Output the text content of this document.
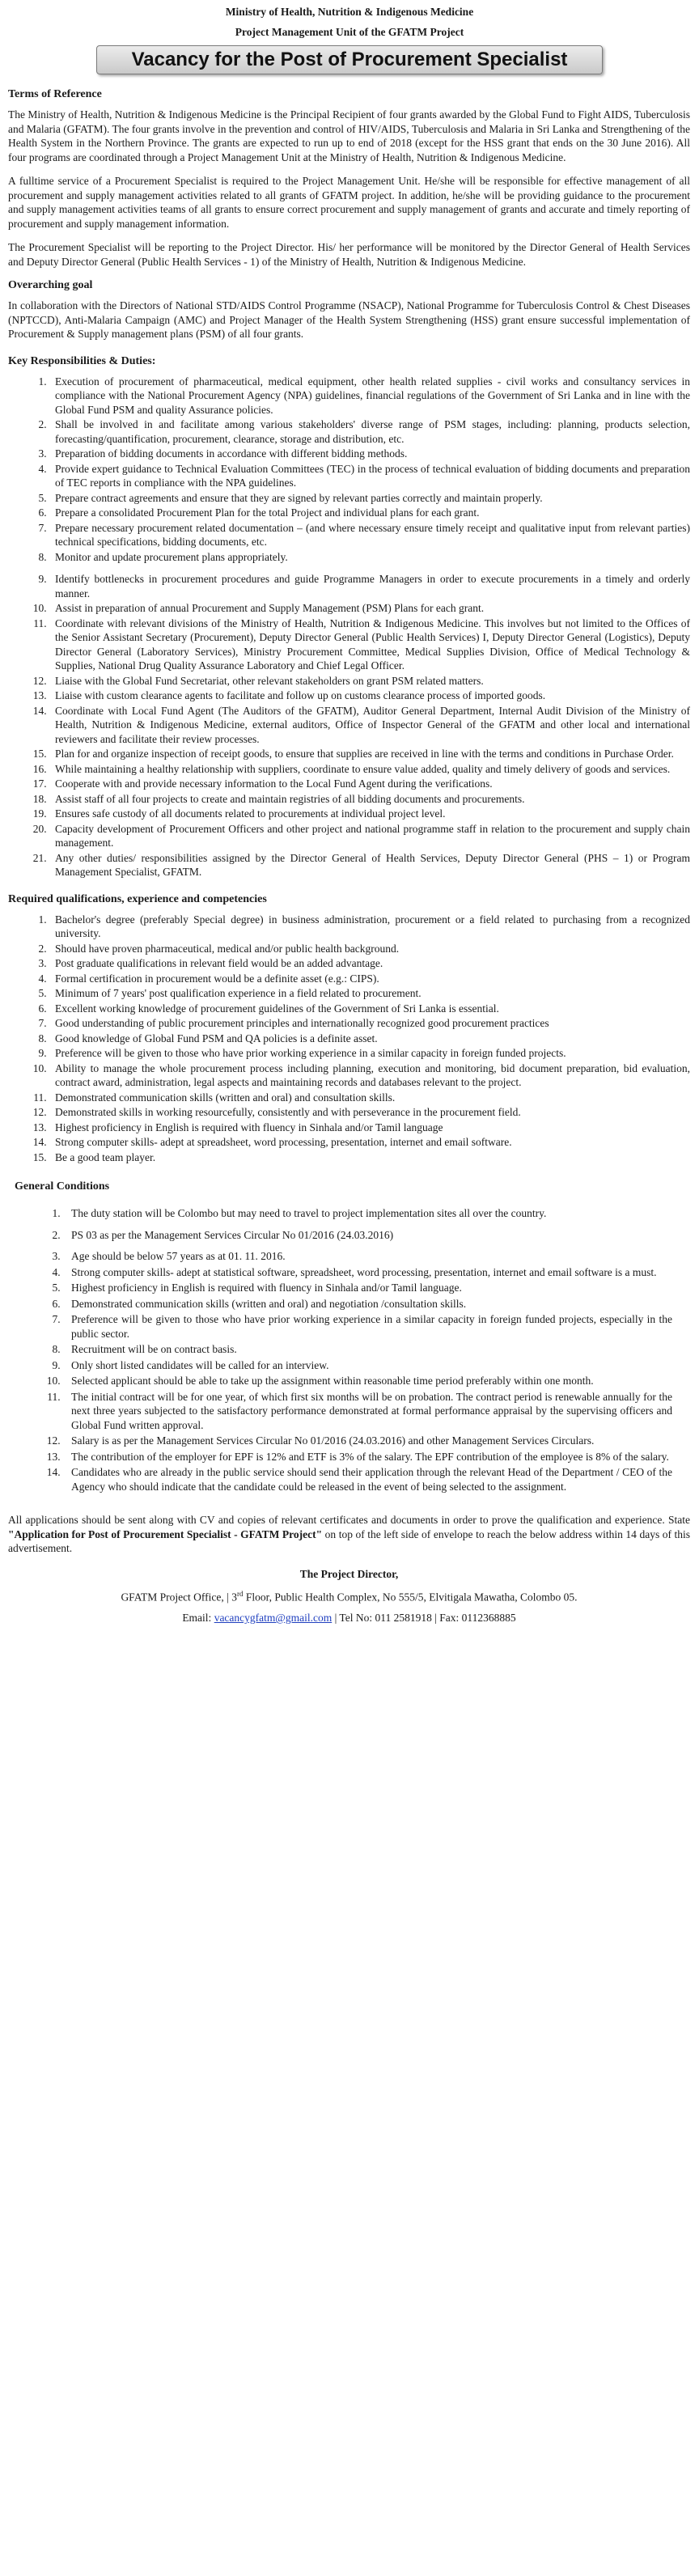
Ministry of Health, Nutrition & Indigenous Medicine
Project Management Unit of the GFATM Project
Vacancy for the Post of Procurement Specialist
Terms of Reference

The Ministry of Health, Nutrition & Indigenous Medicine is the Principal Recipient of four grants awarded by the Global Fund to Fight AIDS, Tuberculosis and Malaria (GFATM). The four grants involve in the prevention and control of HIV/AIDS, Tuberculosis and Malaria in Sri Lanka and Strengthening of the Health System in the Northern Province. The grants are expected to run up to end of 2018 (except for the HSS grant that ends on the 30 June 2016). All four programs are coordinated through a Project Management Unit at the Ministry of Health, Nutrition & Indigenous Medicine.

A fulltime service of a Procurement Specialist is required to the Project Management Unit. He/she will be responsible for effective management of all procurement and supply management activities related to all grants of GFATM project. In addition, he/she will be providing guidance to the procurement and supply management activities teams of all grants to ensure correct procurement and supply management of grants and accurate and timely reporting of procurement and supply management information.

The Procurement Specialist will be reporting to the Project Director. His/ her performance will be monitored by the Director General of Health Services and Deputy Director General (Public Health Services - 1) of the Ministry of Health, Nutrition & Indigenous Medicine.

Overarching goal

In collaboration with the Directors of National STD/AIDS Control Programme (NSACP), National Programme for Tuberculosis Control & Chest Diseases (NPTCCD), Anti-Malaria Campaign (AMC) and Project Manager of the Health System Strengthening (HSS) grant ensure successful implementation of Procurement & Supply management plans (PSM) of all four grants.

Key Responsibilities & Duties:
1. Execution of procurement of pharmaceutical, medical equipment, other health related supplies - civil works and consultancy services in compliance with the National Procurement Agency (NPA) guidelines, financial regulations of the Government of Sri Lanka and in line with the Global Fund PSM and quality Assurance policies.
2. Shall be involved in and facilitate among various stakeholders' diverse range of PSM stages, including: planning, products selection, forecasting/quantification, procurement, clearance, storage and distribution, etc.
3. Preparation of bidding documents in accordance with different bidding methods.
4. Provide expert guidance to Technical Evaluation Committees (TEC) in the process of technical evaluation of bidding documents and preparation of TEC reports in compliance with the NPA guidelines.
5. Prepare contract agreements and ensure that they are signed by relevant parties correctly and maintain properly.
6. Prepare a consolidated Procurement Plan for the total Project and individual plans for each grant.
7. Prepare necessary procurement related documentation – (and where necessary ensure timely receipt and qualitative input from relevant parties) technical specifications, bidding documents, etc.
8. Monitor and update procurement plans appropriately.
9. Identify bottlenecks in procurement procedures and guide Programme Managers in order to execute procurements in a timely and orderly manner.
10. Assist in preparation of annual Procurement and Supply Management (PSM) Plans for each grant.
11. Coordinate with relevant divisions of the Ministry of Health, Nutrition & Indigenous Medicine. This involves but not limited to the Offices of the Senior Assistant Secretary (Procurement), Deputy Director General (Public Health Services) I, Deputy Director General (Logistics), Deputy Director General (Laboratory Services), Ministry Procurement Committee, Medical Supplies Division, Office of Medical Technology & Supplies, National Drug Quality Assurance Laboratory and Chief Legal Officer.
12. Liaise with the Global Fund Secretariat, other relevant stakeholders on grant PSM related matters.
13. Liaise with custom clearance agents to facilitate and follow up on customs clearance process of imported goods.
14. Coordinate with Local Fund Agent (The Auditors of the GFATM), Auditor General Department, Internal Audit Division of the Ministry of Health, Nutrition & Indigenous Medicine, external auditors, Office of Inspector General of the GFATM and other local and international reviewers and facilitate their review processes.
15. Plan for and organize inspection of receipt goods, to ensure that supplies are received in line with the terms and conditions in Purchase Order.
16. While maintaining a healthy relationship with suppliers, coordinate to ensure value added, quality and timely delivery of goods and services.
17. Cooperate with and provide necessary information to the Local Fund Agent during the verifications.
18. Assist staff of all four projects to create and maintain registries of all bidding documents and procurements.
19. Ensures safe custody of all documents related to procurements at individual project level.
20. Capacity development of Procurement Officers and other project and national programme staff in relation to the procurement and supply chain management.
21. Any other duties/ responsibilities assigned by the Director General of Health Services, Deputy Director General (PHS – 1) or Program Management Specialist, GFATM.
Required qualifications, experience and competencies
1. Bachelor's degree (preferably Special degree) in business administration, procurement or a field related to purchasing from a recognized university.
2. Should have proven pharmaceutical, medical and/or public health background.
3. Post graduate qualifications in relevant field would be an added advantage.
4. Formal certification in procurement would be a definite asset (e.g.: CIPS).
5. Minimum of 7 years' post qualification experience in a field related to procurement.
6. Excellent working knowledge of procurement guidelines of the Government of Sri Lanka is essential.
7. Good understanding of public procurement principles and internationally recognized good procurement practices
8. Good knowledge of Global Fund PSM and QA policies is a definite asset.
9. Preference will be given to those who have prior working experience in a similar capacity in foreign funded projects.
10. Ability to manage the whole procurement process including planning, execution and monitoring, bid document preparation, bid evaluation, contract award, administration, legal aspects and maintaining records and databases relevant to the project.
11. Demonstrated communication skills (written and oral) and consultation skills.
12. Demonstrated skills in working resourcefully, consistently and with perseverance in the procurement field.
13. Highest proficiency in English is required with fluency in Sinhala and/or Tamil language
14. Strong computer skills- adept at spreadsheet, word processing, presentation, internet and email software.
15. Be a good team player.
General Conditions
1. The duty station will be Colombo but may need to travel to project implementation sites all over the country.
2. PS 03 as per the Management Services Circular No 01/2016 (24.03.2016)
3. Age should be below 57 years as at 01. 11. 2016.
4. Strong computer skills- adept at statistical software, spreadsheet, word processing, presentation, internet and email software is a must.
5. Highest proficiency in English is required with fluency in Sinhala and/or Tamil language.
6. Demonstrated communication skills (written and oral) and negotiation /consultation skills.
7. Preference will be given to those who have prior working experience in a similar capacity in foreign funded projects, especially in the public sector.
8. Recruitment will be on contract basis.
9. Only short listed candidates will be called for an interview.
10. Selected applicant should be able to take up the assignment within reasonable time period preferably within one month.
11. The initial contract will be for one year, of which first six months will be on probation. The contract period is renewable annually for the next three years subjected to the satisfactory performance demonstrated at formal performance appraisal by the supervising officers and Global Fund written approval.
12. Salary is as per the Management Services Circular No 01/2016 (24.03.2016) and other Management Services Circulars.
13. The contribution of the employer for EPF is 12% and ETF is 3% of the salary. The EPF contribution of the employee is 8% of the salary.
14. Candidates who are already in the public service should send their application through the relevant Head of the Department / CEO of the Agency who should indicate that the candidate could be released in the event of being selected to the assignment.

All applications should be sent along with CV and copies of relevant certificates and documents in order to prove the qualification and experience. State "Application for Post of Procurement Specialist - GFATM Project" on top of the left side of envelope to reach the below address within 14 days of this advertisement.

The Project Director,
GFATM Project Office, | 3rd Floor, Public Health Complex, No 555/5, Elvitigala Mawatha, Colombo 05.
Email: vacancygfatm@gmail.com | Tel No: 011 2581918 | Fax: 0112368885
